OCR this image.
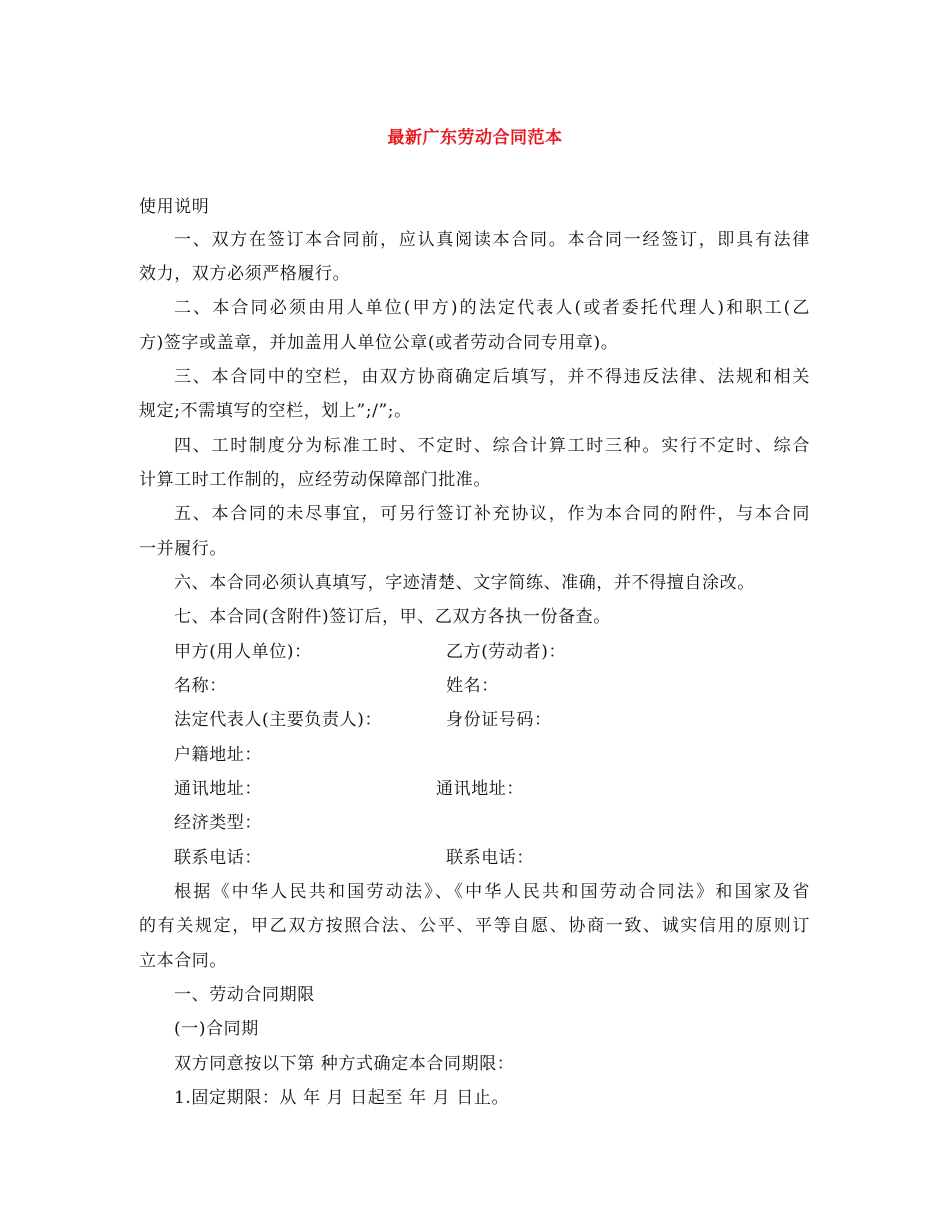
最新广东劳动合同范本
使用说明
一、双方在签订本合同前，应认真阅读本合同。本合同一经签订，即具有法律
效力，双方必须严格履行。
二、本合同必须由用人单位(甲方)的法定代表人(或者委托代理人)和职工(乙
方)签字或盖章，并加盖用人单位公章(或者劳动合同专用章)。
三、本合同中的空栏，由双方协商确定后填写，并不得违反法律、法规和相关
规定;不需填写的空栏，划上”;/”;。
四、工时制度分为标准工时、不定时、综合计算工时三种。实行不定时、综合
计算工时工作制的，应经劳动保障部门批准。
五、本合同的未尽事宜，可另行签订补充协议，作为本合同的附件，与本合同
一并履行。
六、本合同必须认真填写，字迹清楚、文字简练、准确，并不得擅自涂改。
七、本合同(含附件)签订后，甲、乙双方各执一份备查。
甲方(用人单位)：	乙方(劳动者)：
名称：	姓名：
法定代表人(主要负责人)：	身份证号码：
户籍地址：
通讯地址：	通讯地址：
经济类型：
联系电话：	联系电话：
根据《中华人民共和国劳动法》、《中华人民共和国劳动合同法》和国家及省
的有关规定，甲乙双方按照合法、公平、平等自愿、协商一致、诚实信用的原则订
立本合同。
一、劳动合同期限
(一)合同期
双方同意按以下第 种方式确定本合同期限：
1.固定期限：从 年 月 日起至 年 月 日止。
